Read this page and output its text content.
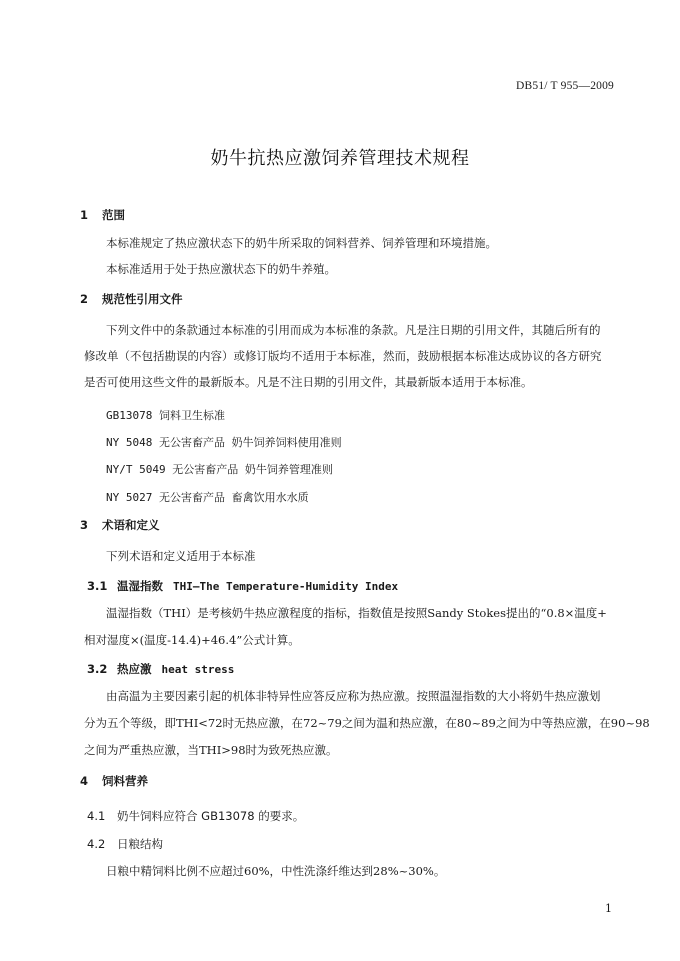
DB51/ T 955—2009
奶牛抗热应激饲养管理技术规程
1 范围
本标准规定了热应激状态下的奶牛所采取的饲料营养、饲养管理和环境措施。
本标准适用于处于热应激状态下的奶牛养殖。
2 规范性引用文件
下列文件中的条款通过本标准的引用而成为本标准的条款。凡是注日期的引用文件，其随后所有的
修改单（不包括勘误的内容）或修订版均不适用于本标准，然而，鼓励根据本标准达成协议的各方研究
是否可使用这些文件的最新版本。凡是不注日期的引用文件，其最新版本适用于本标准。
GB13078 饲料卫生标准
NY 5048 无公害畜产品 奶牛饲养饲料使用准则
NY/T 5049 无公害畜产品 奶牛饲养管理准则
NY 5027 无公害畜产品 畜禽饮用水水质
3 术语和定义
下列术语和定义适用于本标准
3.1 温湿指数 THI—The Temperature-Humidity Index
温湿指数（THI）是考核奶牛热应激程度的指标，指数值是按照Sandy Stokes提出的“0.8×温度+
相对湿度×(温度-14.4)+46.4”公式计算。
3.2 热应激 heat stress
由高温为主要因素引起的机体非特异性应答反应称为热应激。按照温湿指数的大小将奶牛热应激划
分为五个等级，即THI<72时无热应激，在72~79之间为温和热应激，在80~89之间为中等热应激，在90~98
之间为严重热应激，当THI>98时为致死热应激。
4 饲料营养
4.1 奶牛饲料应符合 GB13078 的要求。
4.2 日粮结构
日粮中精饲料比例不应超过60%，中性洗涤纤维达到28%~30%。
1
